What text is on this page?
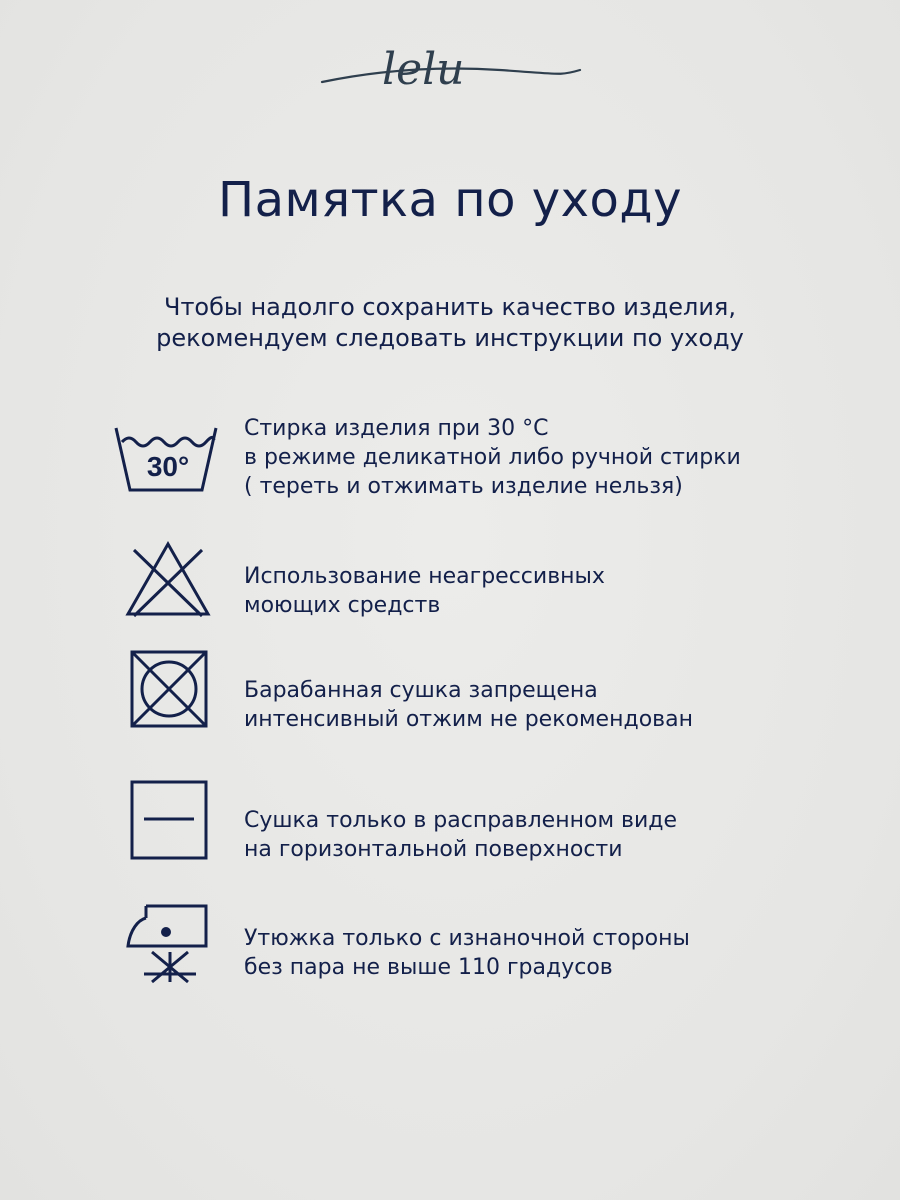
lelu
Памятка по уходу
Чтобы надолго сохранить качество изделия,
рекомендуем следовать инструкции по уходу
30°
Стирка изделия при 30 °С
в режиме деликатной либо ручной стирки
( тереть и отжимать изделие нельзя)
Использование неагрессивных
моющих средств
Барабанная сушка запрещена
интенсивный отжим не рекомендован
Сушка только в расправленном виде
на горизонтальной поверхности
Утюжка только с изнаночной стороны
без пара не выше 110 градусов
